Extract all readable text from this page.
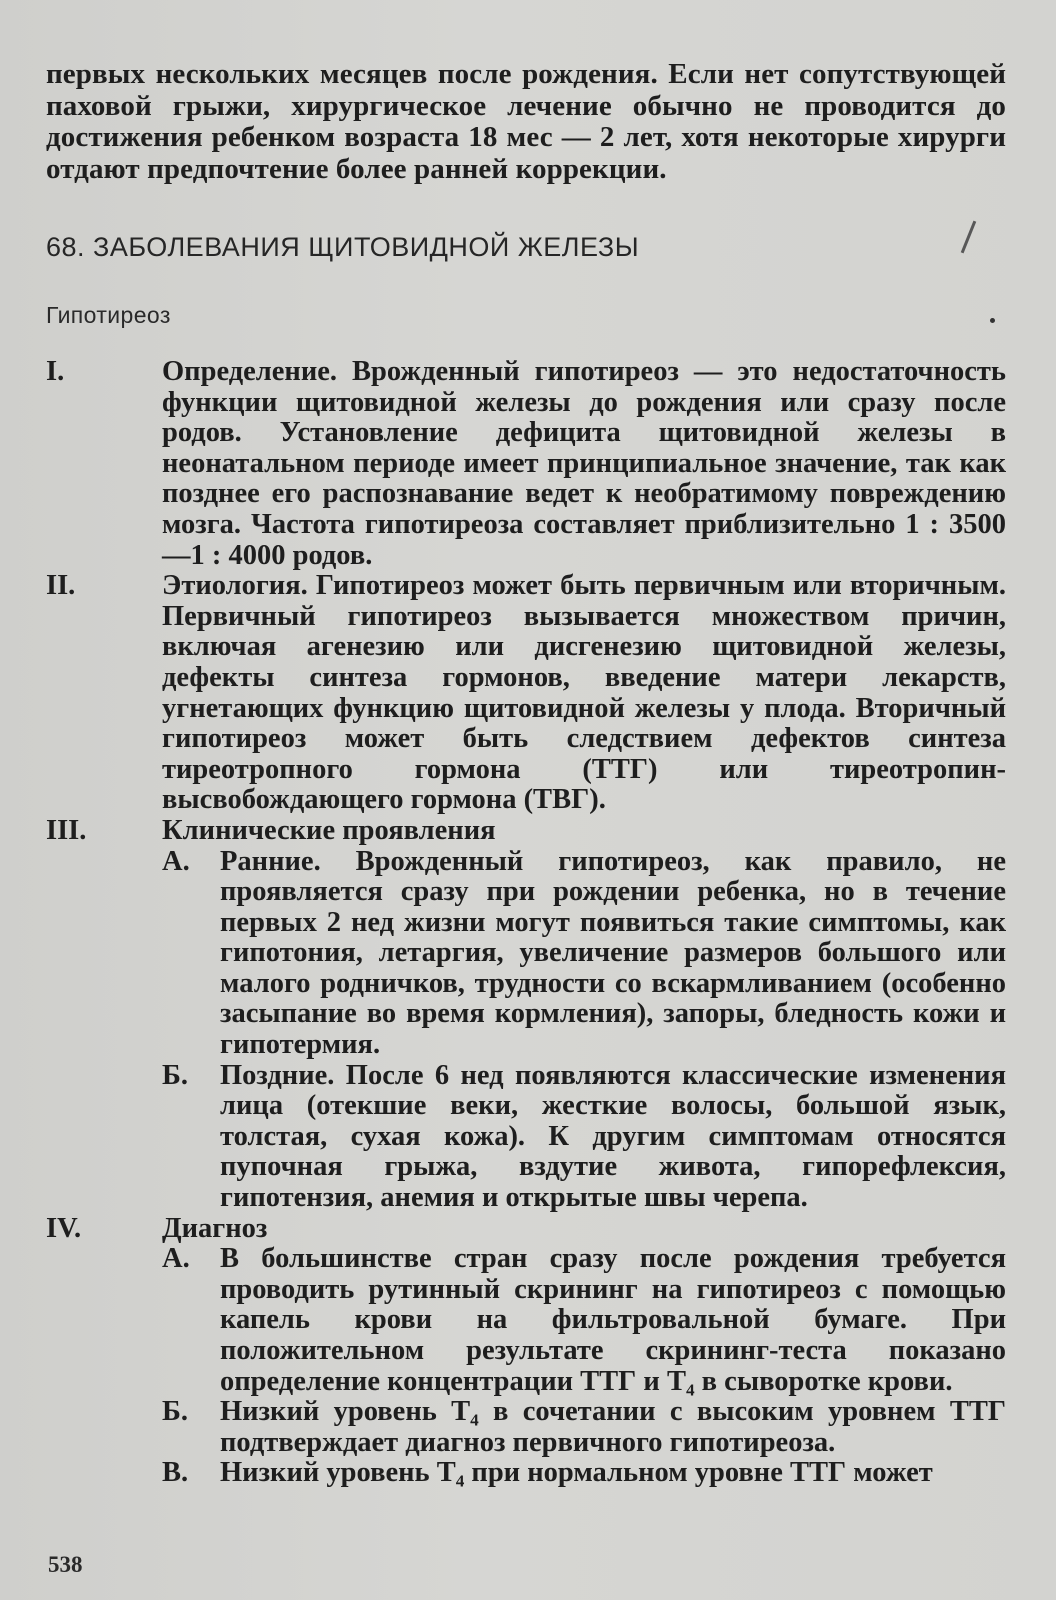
первых нескольких месяцев после рождения. Если нет сопутствующей паховой грыжи, хирургическое лечение обычно не проводится до достижения ребенком возраста 18 мес — 2 лет, хотя некоторые хирурги отдают предпочтение более ранней коррекции.

68. ЗАБОЛЕВАНИЯ ЩИТОВИДНОЙ ЖЕЛЕЗЫ
Гипотиреоз
I.	Определение. Врожденный гипотиреоз — это недостаточность функции щитовидной железы до рождения или сразу после родов. Установление дефицита щитовидной железы в неонатальном периоде имеет принципиальное значение, так как позднее его распознавание ведет к необратимому повреждению мозга. Частота гипотиреоза составляет приблизительно 1 : 3500—1 : 4000 родов.

II.	Этиология. Гипотиреоз может быть первичным или вторичным. Первичный гипотиреоз вызывается множеством причин, включая агенезию или дисгенезию щитовидной железы, дефекты синтеза гормонов, введение матери лекарств, угнетающих функцию щитовидной железы у плода. Вторичный гипотиреоз может быть следствием дефектов синтеза тиреотропного гормона (ТТГ) или тиреотропин-высвобождающего гормона (ТВГ).

III.	Клинические проявления

А.	Ранние. Врожденный гипотиреоз, как правило, не проявляется сразу при рождении ребенка, но в течение первых 2 нед жизни могут появиться такие симптомы, как гипотония, летаргия, увеличение размеров большого или малого родничков, трудности со вскармливанием (особенно засыпание во время кормления), запоры, бледность кожи и гипотермия.
Б.	Поздние. После 6 нед появляются классические изменения лица (отекшие веки, жесткие волосы, большой язык, толстая, сухая кожа). К другим симптомам относятся пупочная грыжа, вздутие живота, гипорефлексия, гипотензия, анемия и открытые швы черепа.
IV.	Диагноз

А.	В большинстве стран сразу после рождения требуется проводить рутинный скрининг на гипотиреоз с помощью капель крови на фильтровальной бумаге. При положительном результате скрининг-теста показано определение концентрации ТТГ и Т₄ в сыворотке крови.
Б.	Низкий уровень Т₄ в сочетании с высоким уровнем ТТГ подтверждает диагноз первичного гипотиреоза.
В.	Низкий уровень Т₄ при нормальном уровне ТТГ может
538
